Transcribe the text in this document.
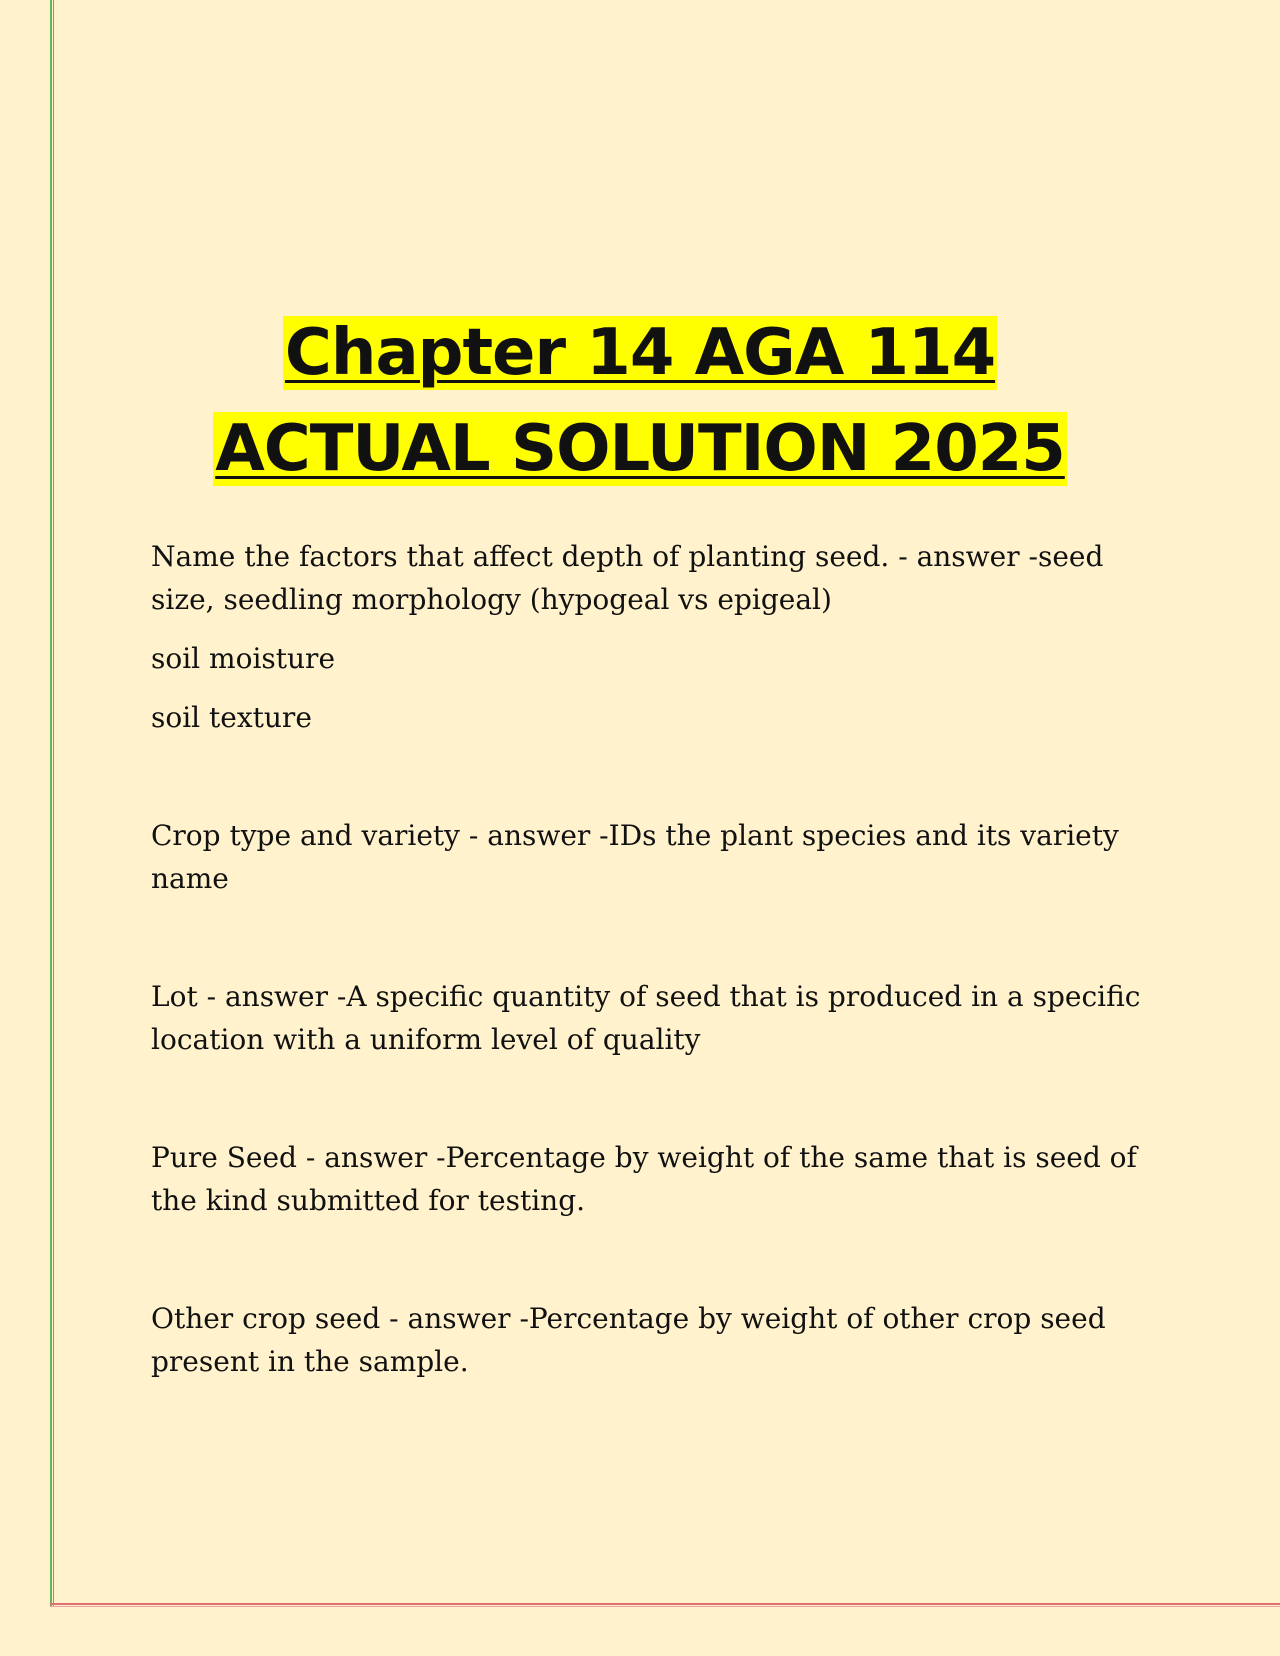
Chapter 14 AGA 114 ACTUAL SOLUTION 2025

Name the factors that affect depth of planting seed. - answer -seed size, seedling morphology (hypogeal vs epigeal)

soil moisture

soil texture

Crop type and variety - answer -IDs the plant species and its variety name

Lot - answer -A specific quantity of seed that is produced in a specific location with a uniform level of quality

Pure Seed - answer -Percentage by weight of the same that is seed of the kind submitted for testing.

Other crop seed - answer -Percentage by weight of other crop seed present in the sample.
